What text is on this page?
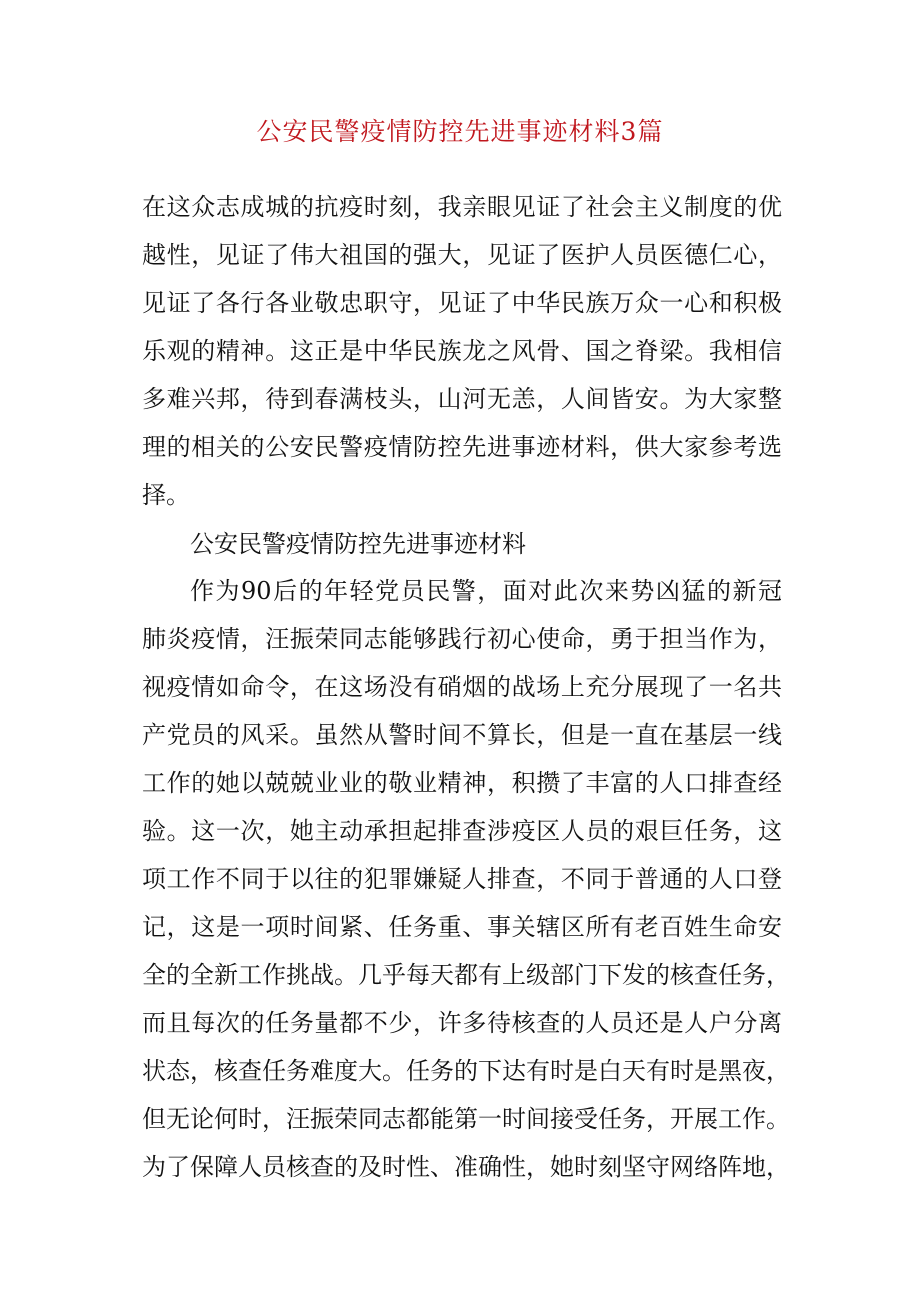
公安民警疫情防控先进事迹材料3篇

在这众志成城的抗疫时刻，我亲眼见证了社会主义制度的优

越性，见证了伟大祖国的强大，见证了医护人员医德仁心，

见证了各行各业敬忠职守，见证了中华民族万众一心和积极

乐观的精神。这正是中华民族龙之风骨、国之脊梁。我相信

多难兴邦，待到春满枝头，山河无恙，人间皆安。为大家整

理的相关的公安民警疫情防控先进事迹材料，供大家参考选

择。

公安民警疫情防控先进事迹材料

作为90后的年轻党员民警，面对此次来势凶猛的新冠

肺炎疫情，汪振荣同志能够践行初心使命，勇于担当作为，

视疫情如命令，在这场没有硝烟的战场上充分展现了一名共

产党员的风采。虽然从警时间不算长，但是一直在基层一线

工作的她以兢兢业业的敬业精神，积攒了丰富的人口排查经

验。这一次，她主动承担起排查涉疫区人员的艰巨任务，这

项工作不同于以往的犯罪嫌疑人排查，不同于普通的人口登

记，这是一项时间紧、任务重、事关辖区所有老百姓生命安

全的全新工作挑战。几乎每天都有上级部门下发的核查任务，

而且每次的任务量都不少，许多待核查的人员还是人户分离

状态，核查任务难度大。任务的下达有时是白天有时是黑夜，

但无论何时，汪振荣同志都能第一时间接受任务，开展工作。

为了保障人员核查的及时性、准确性，她时刻坚守网络阵地，
